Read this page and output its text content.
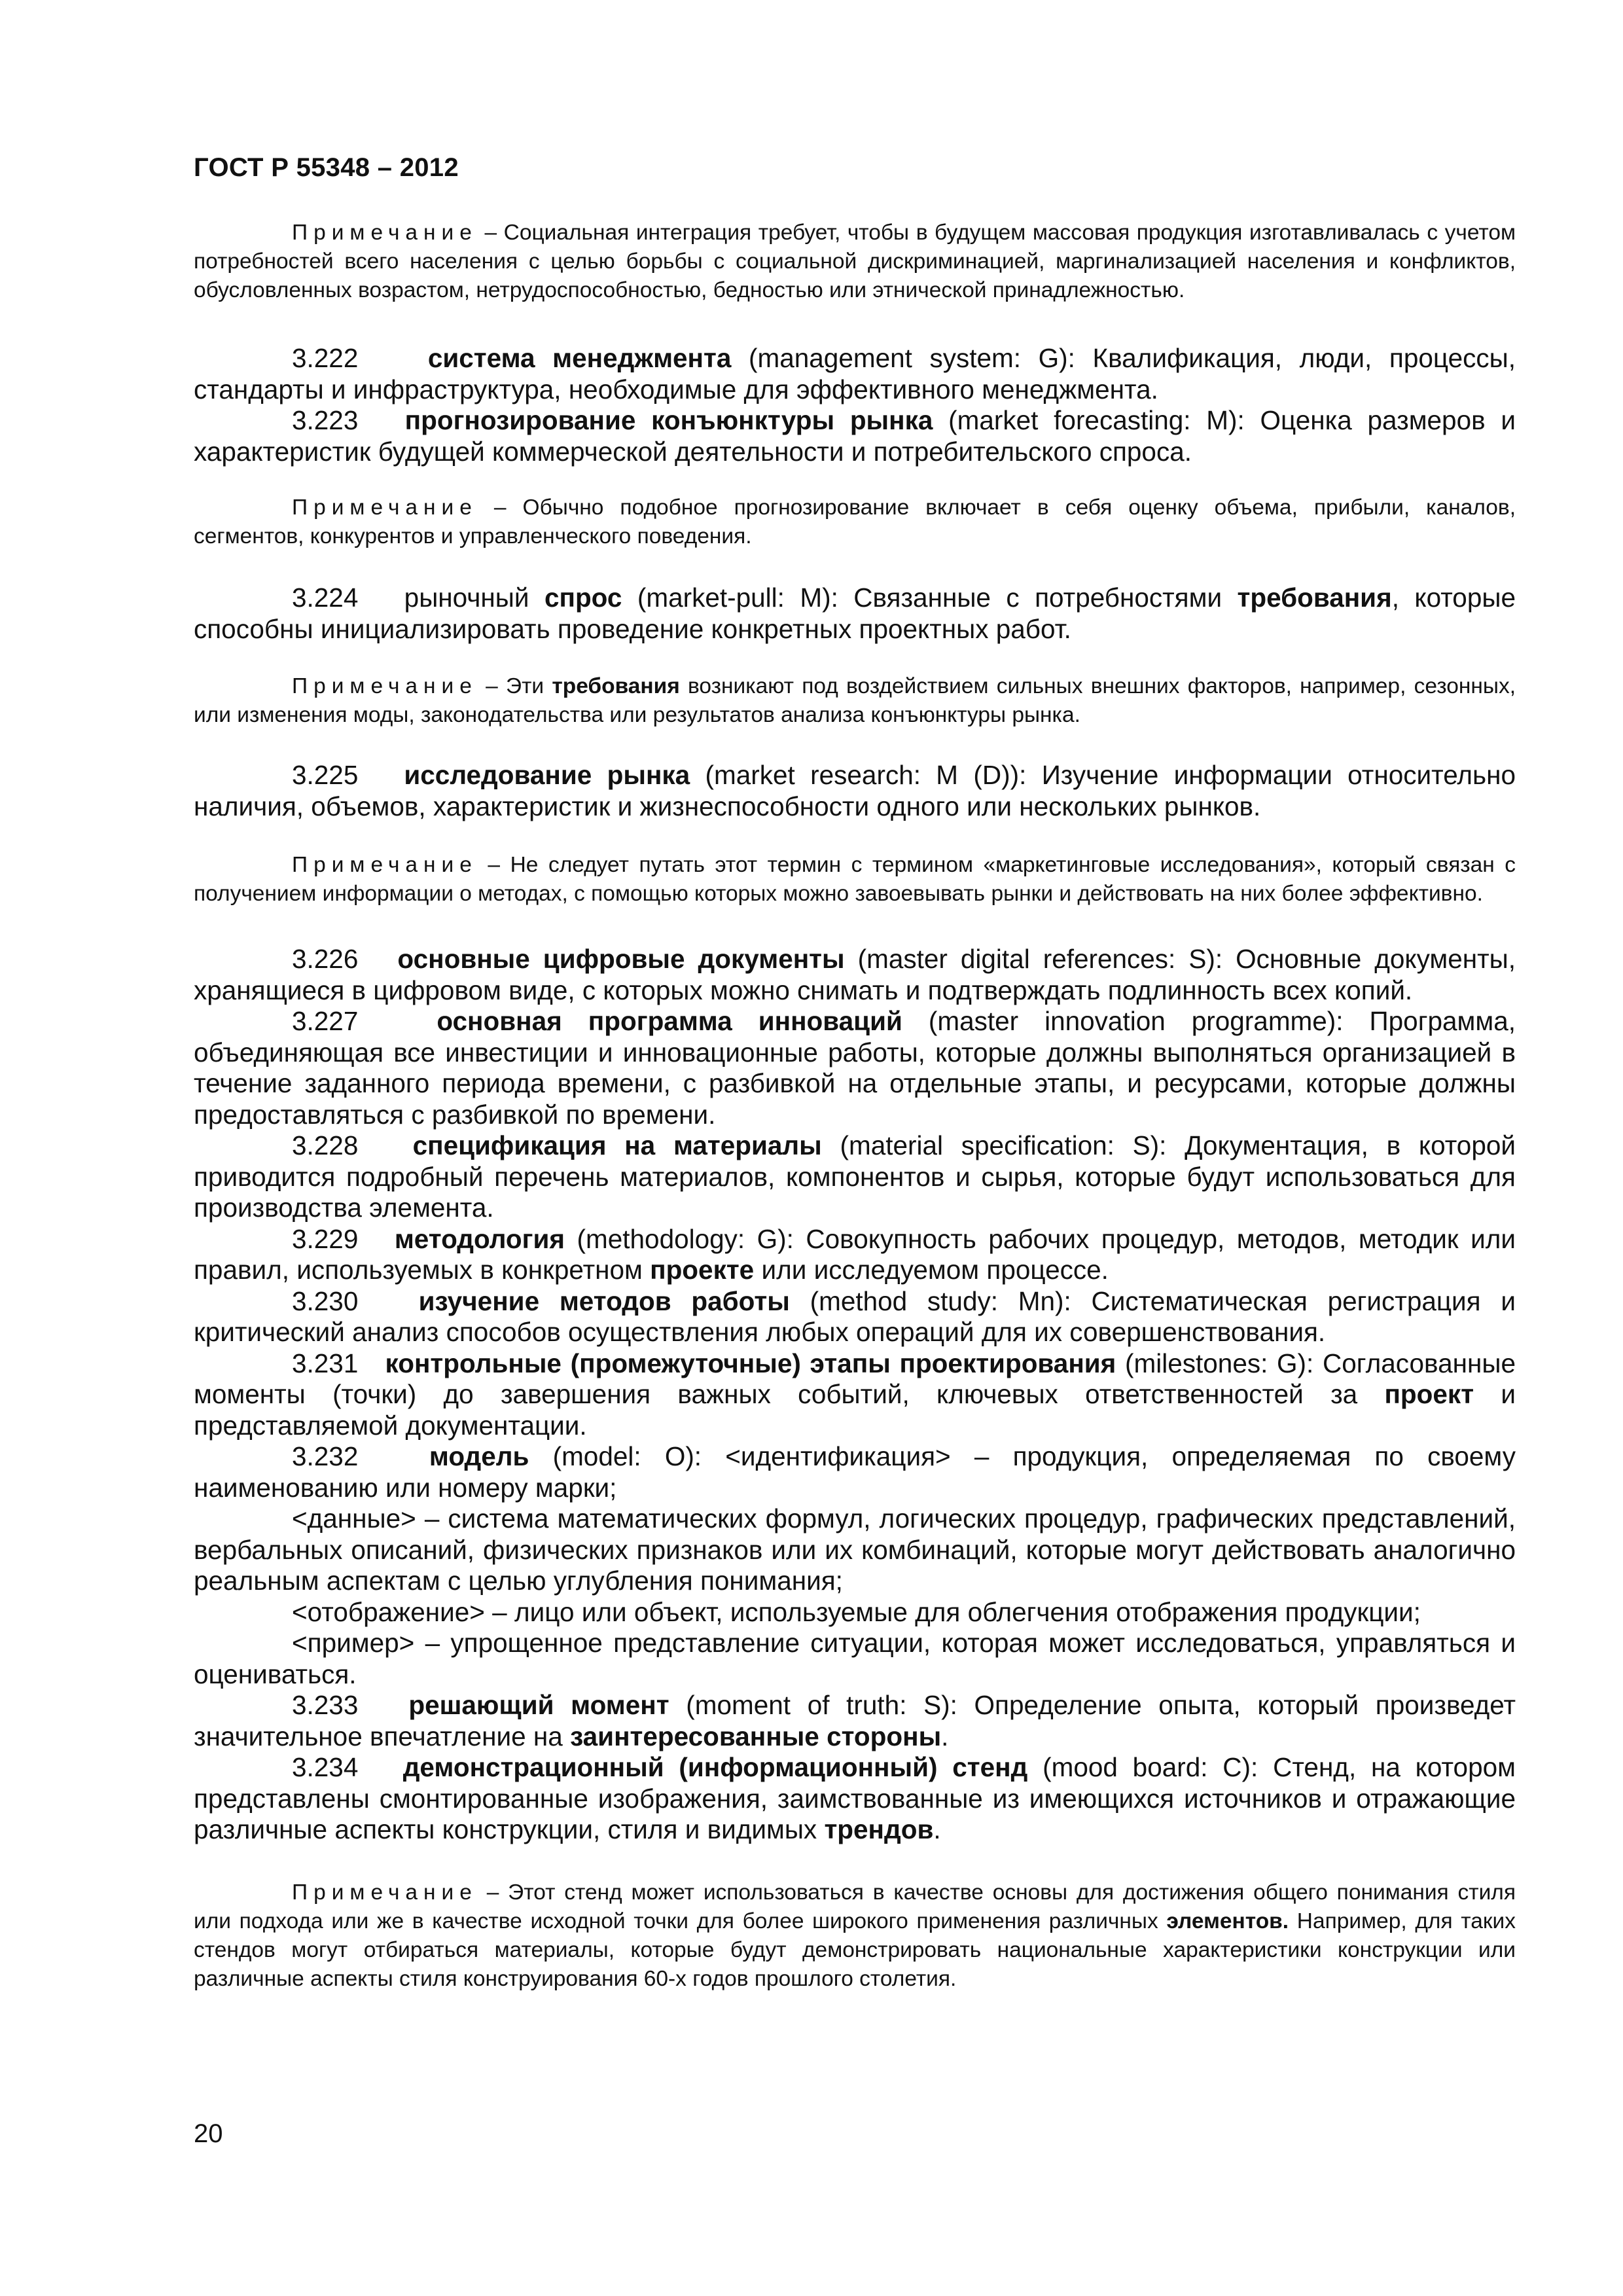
ГОСТ Р 55348 – 2012

Примечание – Социальная интеграция требует, чтобы в будущем массовая продукция изготавливалась с учетом потребностей всего населения с целью борьбы с социальной дискриминацией, маргинализацией населения и конфликтов, обусловленных возрастом, нетрудоспособностью, бедностью или этнической принадлежностью.

3.222	система менеджмента (management system: G): Квалификация, люди, процессы, стандарты и инфраструктура, необходимые для эффективного менеджмента.

3.223 прогнозирование конъюнктуры рынка (market forecasting: M): Оценка размеров и характеристик будущей коммерческой деятельности и потребительского спроса.

Примечание – Обычно подобное прогнозирование включает в себя оценку объема, прибыли, каналов, сегментов, конкурентов и управленческого поведения.

3.224 рыночный спрос (market-pull: M): Связанные с потребностями требования, которые способны инициализировать проведение конкретных проектных работ.

Примечание – Эти требования возникают под воздействием сильных внешних факторов, например, сезонных, или изменения моды, законодательства или результатов анализа конъюнктуры рынка.

3.225 исследование рынка (market research: M (D)): Изучение информации относительно наличия, объемов, характеристик и жизнеспособности одного или нескольких рынков.

Примечание – Не следует путать этот термин с термином «маркетинговые исследования», который связан с получением информации о методах, с помощью которых можно завоевывать рынки и действовать на них более эффективно.

3.226 основные цифровые документы (master digital references: S): Основные документы, хранящиеся в цифровом виде, с которых можно снимать и подтверждать подлинность всех копий.

3.227	основная программа инноваций (master innovation programme): Программа, объединяющая все инвестиции и инновационные работы, которые должны выполняться организацией в течение заданного периода времени, с разбивкой на отдельные этапы, и ресурсами, которые должны предоставляться с разбивкой по времени.

3.228 спецификация на материалы (material specification: S): Документация, в которой приводится подробный перечень материалов, компонентов и сырья, которые будут использоваться для производства элемента.

3.229 методология (methodology: G): Совокупность рабочих процедур, методов, методик или правил, используемых в конкретном проекте или исследуемом процессе.

3.230 изучение методов работы (method study: Mn): Систематическая регистрация и критический анализ способов осуществления любых операций для их совершенствования.

3.231 контрольные (промежуточные) этапы проектирования (milestones: G): Согласованные моменты (точки) до завершения важных событий, ключевых ответственностей за проект и представляемой документации.

3.232	модель (model: O): <идентификация> – продукция, определяемая по своему наименованию или номеру марки;

<данные> – система математических формул, логических процедур, графических представлений, вербальных описаний, физических признаков или их комбинаций, которые могут действовать аналогично реальным аспектам с целью углубления понимания;

<отображение> – лицо или объект, используемые для облегчения отображения продукции;

<пример> – упрощенное представление ситуации, которая может исследоваться, управляться и оцениваться.

3.233 решающий момент (moment of truth: S): Определение опыта, который произведет значительное впечатление на заинтересованные стороны.

3.234 демонстрационный (информационный) стенд (mood board: C): Стенд, на котором представлены смонтированные изображения, заимствованные из имеющихся источников и отражающие различные аспекты конструкции, стиля и видимых трендов.

Примечание – Этот стенд может использоваться в качестве основы для достижения общего понимания стиля или подхода или же в качестве исходной точки для более широкого применения различных элементов. Например, для таких стендов могут отбираться материалы, которые будут демонстрировать национальные характеристики конструкции или различные аспекты стиля конструирования 60-х годов прошлого столетия.

20
